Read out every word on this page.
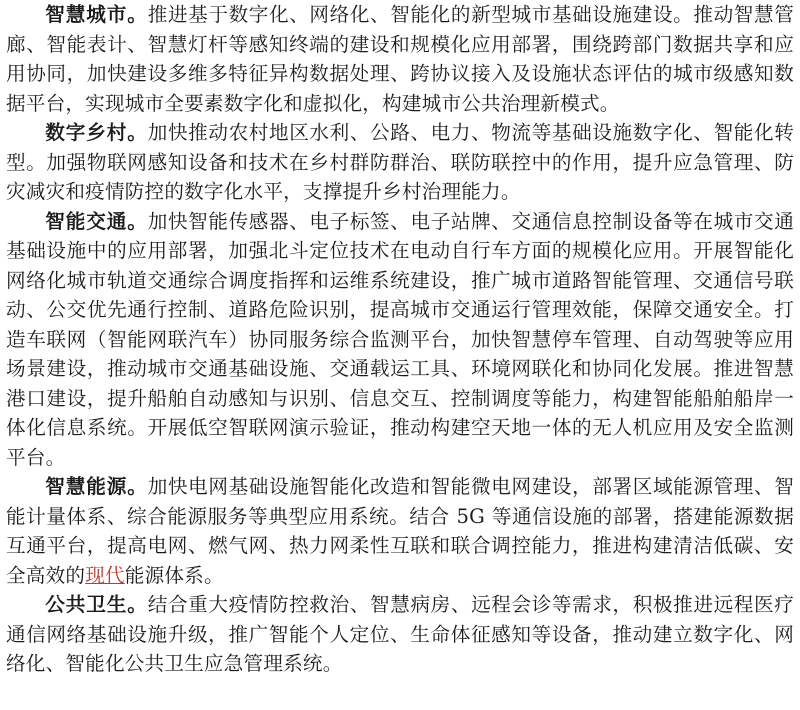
智慧城市。推进基于数字化、网络化、智能化的新型城市基础设施建设。推动智慧管廊、智能表计、智慧灯杆等感知终端的建设和规模化应用部署，围绕跨部门数据共享和应用协同，加快建设多维多特征异构数据处理、跨协议接入及设施状态评估的城市级感知数据平台，实现城市全要素数字化和虚拟化，构建城市公共治理新模式。

数字乡村。加快推动农村地区水利、公路、电力、物流等基础设施数字化、智能化转型。加强物联网感知设备和技术在乡村群防群治、联防联控中的作用，提升应急管理、防灾减灾和疫情防控的数字化水平，支撑提升乡村治理能力。

智能交通。加快智能传感器、电子标签、电子站牌、交通信息控制设备等在城市交通基础设施中的应用部署，加强北斗定位技术在电动自行车方面的规模化应用。开展智能化网络化城市轨道交通综合调度指挥和运维系统建设，推广城市道路智能管理、交通信号联动、公交优先通行控制、道路危险识别，提高城市交通运行管理效能，保障交通安全。打造车联网（智能网联汽车）协同服务综合监测平台，加快智慧停车管理、自动驾驶等应用场景建设，推动城市交通基础设施、交通载运工具、环境网联化和协同化发展。推进智慧港口建设，提升船舶自动感知与识别、信息交互、控制调度等能力，构建智能船舶船岸一体化信息系统。开展低空智联网演示验证，推动构建空天地一体的无人机应用及安全监测平台。

智慧能源。加快电网基础设施智能化改造和智能微电网建设，部署区域能源管理、智能计量体系、综合能源服务等典型应用系统。结合 5G 等通信设施的部署，搭建能源数据互通平台，提高电网、燃气网、热力网柔性互联和联合调控能力，推进构建清洁低碳、安全高效的现代能源体系。

公共卫生。结合重大疫情防控救治、智慧病房、远程会诊等需求，积极推进远程医疗通信网络基础设施升级，推广智能个人定位、生命体征感知等设备，推动建立数字化、网络化、智能化公共卫生应急管理系统。
